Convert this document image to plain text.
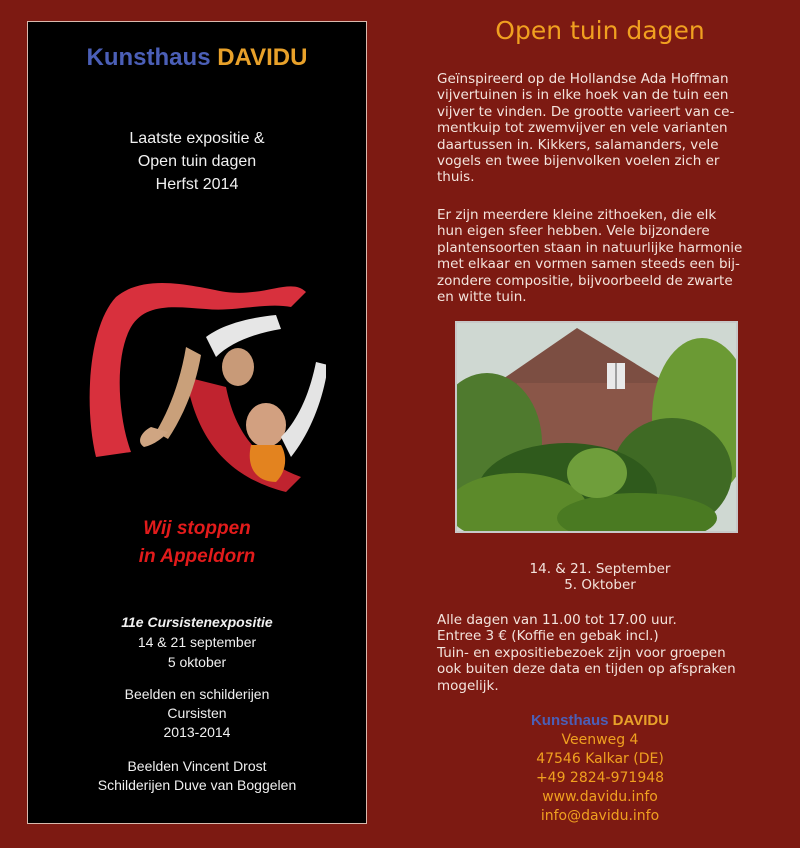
Kunsthaus DAVIDU
Laatste expositie &
Open tuin dagen
Herfst 2014
Wij stoppen
in Appeldorn
11e Cursistenexpositie
14 & 21 september
5 oktober
Beelden en schilderijen
Cursisten
2013-2014
Beelden Vincent Drost
Schilderijen Duve van Boggelen
Open tuin dagen
Geïnspireerd op de Hollandse Ada Hoffman
vijvertuinen is in elke hoek van de tuin een
vijver te vinden. De grootte varieert van ce-
mentkuip tot zwemvijver en vele varianten
daartussen in. Kikkers, salamanders, vele
vogels en twee bijenvolken voelen zich er
thuis.
Er zijn meerdere kleine zithoeken, die elk
hun eigen sfeer hebben. Vele bijzondere
plantensoorten staan in natuurlijke harmonie
met elkaar en vormen samen steeds een bij-
zondere compositie, bijvoorbeeld de zwarte
en witte tuin.
14. & 21. September
5. Oktober
Alle dagen van 11.00 tot 17.00 uur.
Entree 3 € (Koffie en gebak incl.)
Tuin- en expositiebezoek zijn voor groepen
ook buiten deze data en tijden op afspraken
mogelijk.
Kunsthaus DAVIDU
Veenweg 4
47546 Kalkar (DE)
+49 2824-971948
www.davidu.info
info@davidu.info
